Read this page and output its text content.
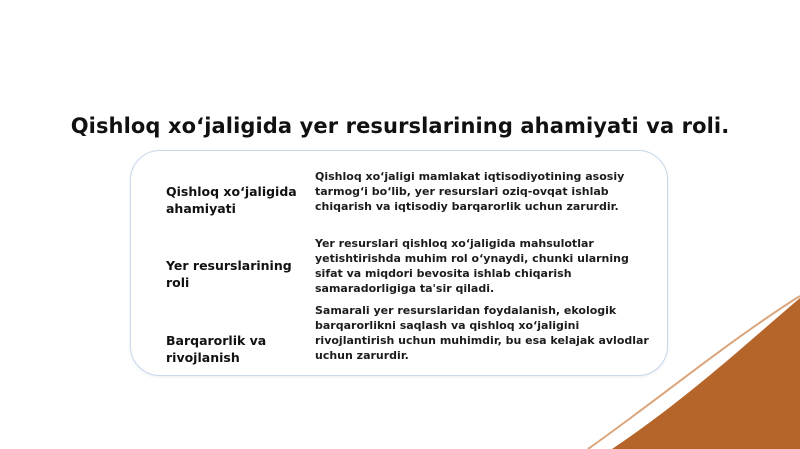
Qishloq xo‘jaligida yer resurslarining ahamiyati va roli.
Qishloq xo‘jaligida ahamiyati
Qishloq xo‘jaligi mamlakat iqtisodiyotining asosiy tarmog‘i bo‘lib, yer resurslari oziq-ovqat ishlab chiqarish va iqtisodiy barqarorlik uchun zarurdir.
Yer resurslarining roli
Yer resurslari qishloq xo‘jaligida mahsulotlar yetishtirishda muhim rol o‘ynaydi, chunki ularning sifat va miqdori bevosita ishlab chiqarish samaradorligiga ta'sir qiladi.
Barqarorlik va rivojlanish
Samarali yer resurslaridan foydalanish, ekologik barqarorlikni saqlash va qishloq xo‘jaligini rivojlantirish uchun muhimdir, bu esa kelajak avlodlar uchun zarurdir.
